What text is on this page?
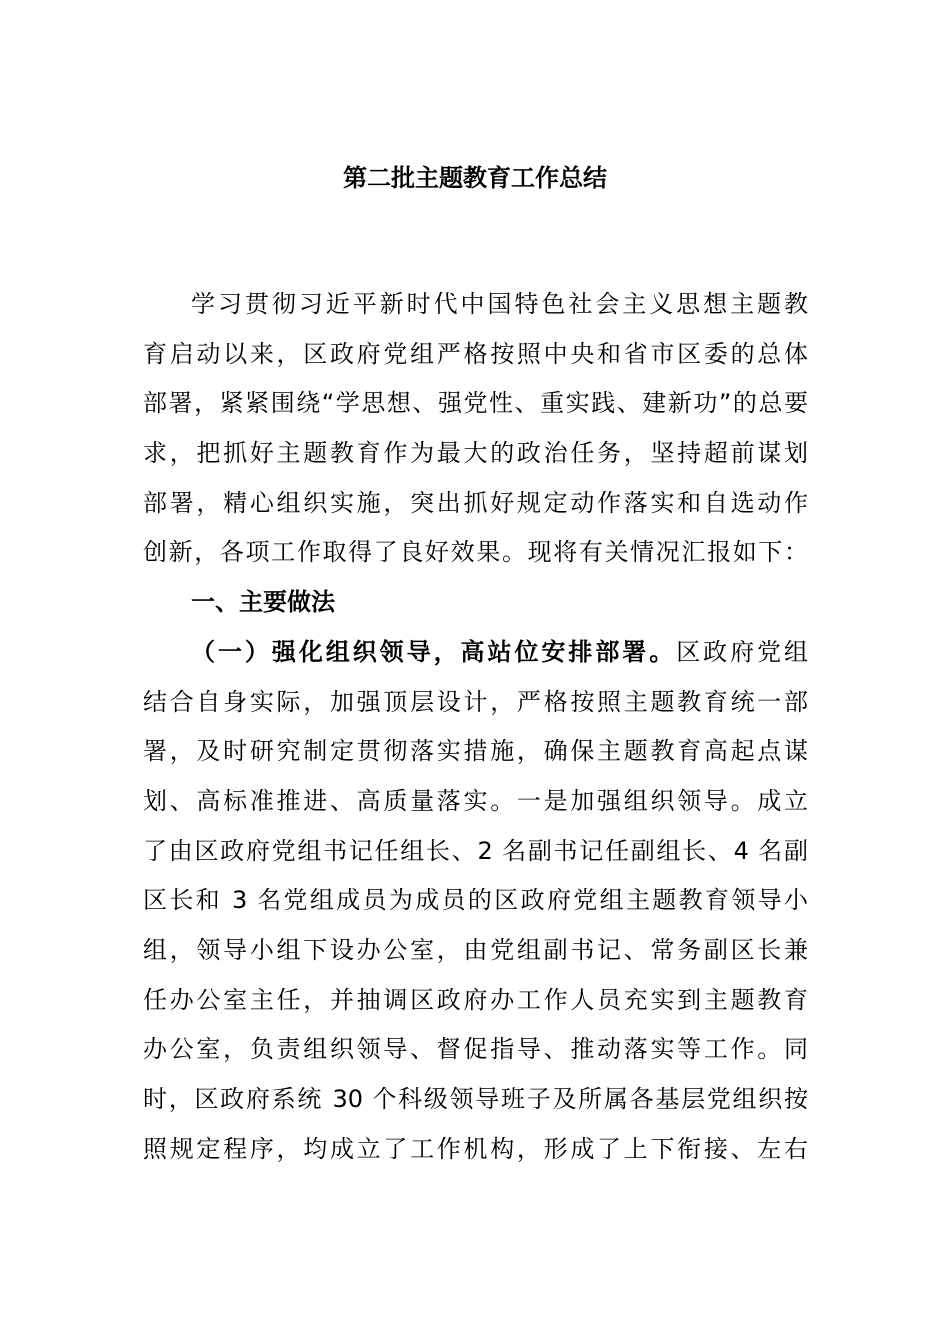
第二批主题教育工作总结
学习贯彻习近平新时代中国特色社会主义思想主题教
育启动以来，区政府党组严格按照中央和省市区委的总体
部署，紧紧围绕“学思想、强党性、重实践、建新功”的总要
求，把抓好主题教育作为最大的政治任务，坚持超前谋划
部署，精心组织实施，突出抓好规定动作落实和自选动作
创新，各项工作取得了良好效果。现将有关情况汇报如下：
一、主要做法
（一）强化组织领导，高站位安排部署。区政府党组
结合自身实际，加强顶层设计，严格按照主题教育统一部
署，及时研究制定贯彻落实措施，确保主题教育高起点谋
划、高标准推进、高质量落实。一是加强组织领导。成立
了由区政府党组书记任组长、2 名副书记任副组长、4 名副
区长和 3 名党组成员为成员的区政府党组主题教育领导小
组，领导小组下设办公室，由党组副书记、常务副区长兼
任办公室主任，并抽调区政府办工作人员充实到主题教育
办公室，负责组织领导、督促指导、推动落实等工作。同
时，区政府系统 30 个科级领导班子及所属各基层党组织按
照规定程序，均成立了工作机构，形成了上下衔接、左右
